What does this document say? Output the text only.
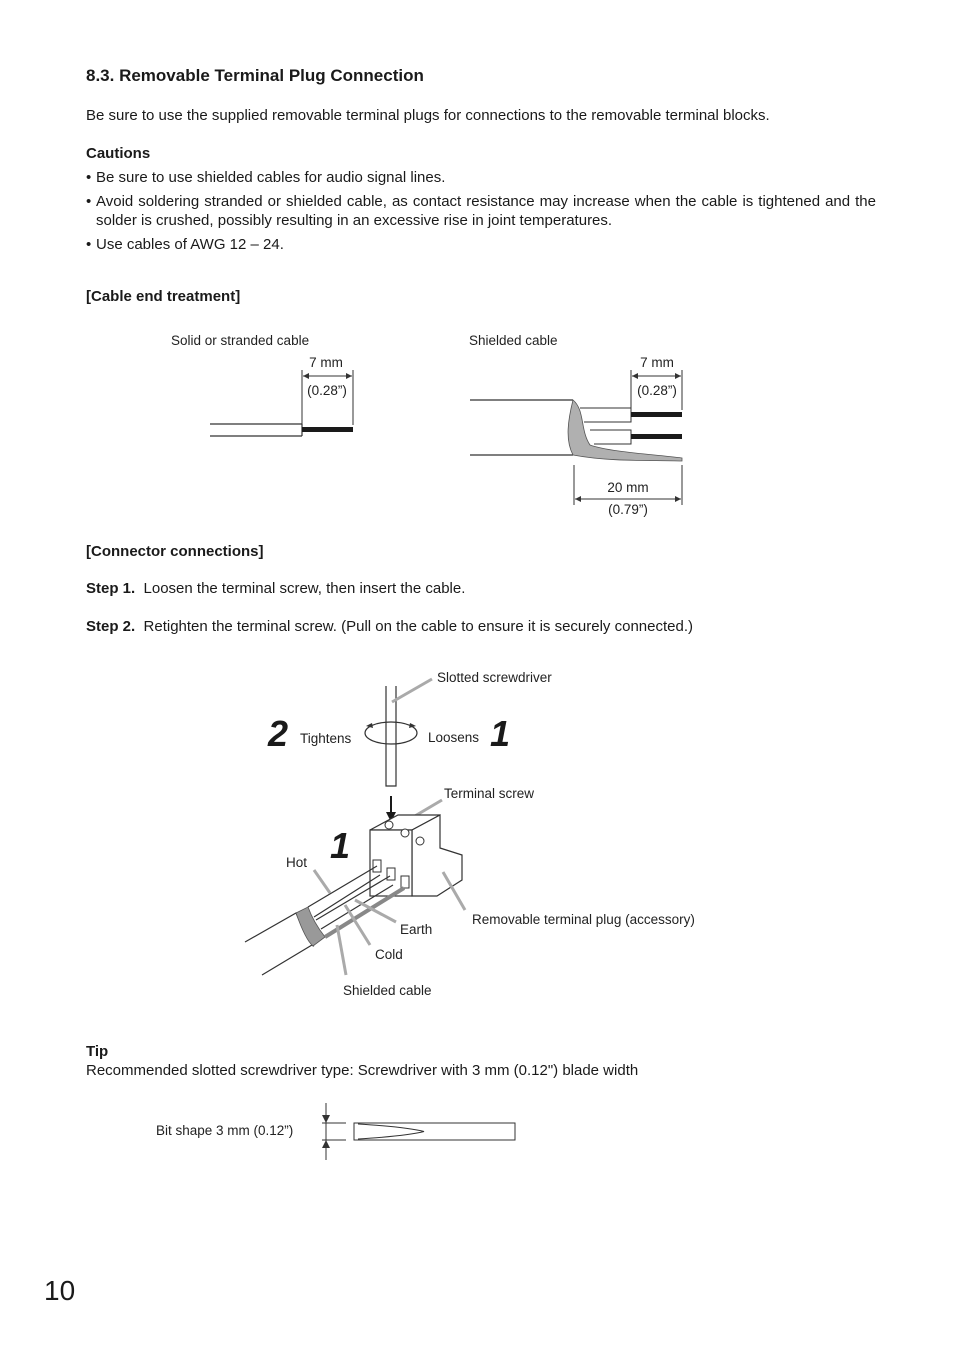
8.3. Removable Terminal Plug Connection
Be sure to use the supplied removable terminal plugs for connections to the removable terminal blocks.
Cautions
• Be sure to use shielded cables for audio signal lines.
• Avoid soldering stranded or shielded cable, as contact resistance may increase when the cable is tightened and the solder is crushed, possibly resulting in an excessive rise in joint temperatures.
• Use cables of AWG 12 – 24.
[Cable end treatment]
Solid or stranded cable
7 mm
(0.28”)
Shielded cable
7 mm
(0.28”)
20 mm
(0.79”)
[Connector connections]
Step 1. Loosen the terminal screw, then insert the cable.
Step 2. Retighten the terminal screw. (Pull on the cable to ensure it is securely connected.)
Slotted screwdriver
2 Tightens	Loosens 1
Terminal screw
1
Hot
Earth
Cold
Shielded cable
Removable terminal plug (accessory)
Tip
Recommended slotted screwdriver type: Screwdriver with 3 mm (0.12") blade width
Bit shape 3 mm (0.12”)
10
